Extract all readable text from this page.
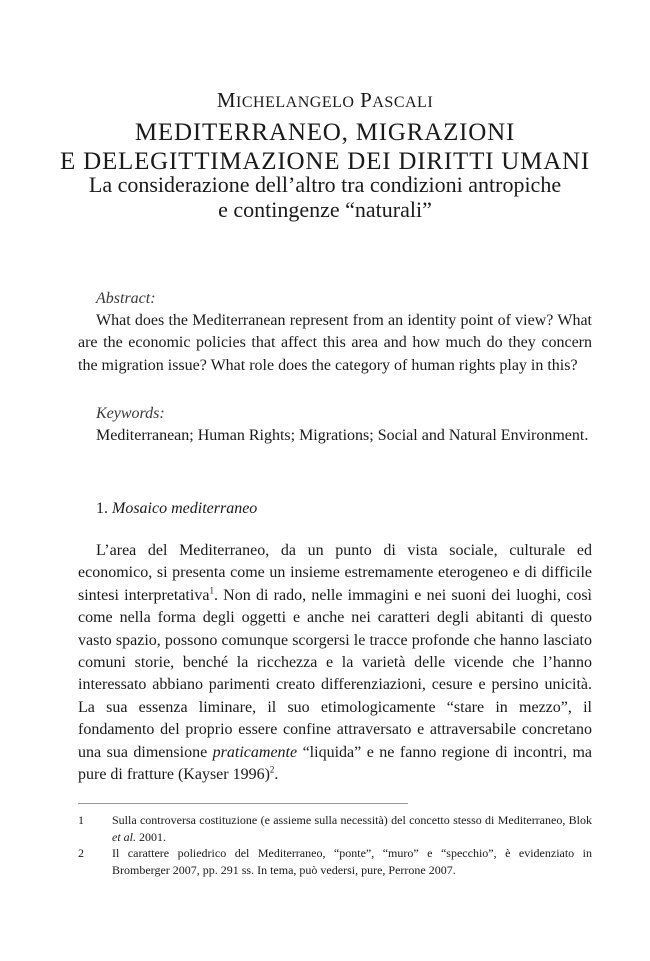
MICHELANGELO PASCALI
MEDITERRANEO, MIGRAZIONI
E DELEGITTIMAZIONE DEI DIRITTI UMANI
La considerazione dell’altro tra condizioni antropiche
e contingenze “naturali”
Abstract:
What does the Mediterranean represent from an identity point of view? What are the economic policies that affect this area and how much do they concern the migration issue? What role does the category of human rights play in this?
Keywords:
Mediterranean; Human Rights; Migrations; Social and Natural Environment.
1. Mosaico mediterraneo
L’area del Mediterraneo, da un punto di vista sociale, culturale ed economico, si presenta come un insieme estremamente eterogeneo e di difficile sintesi interpretativa$^1$. Non di rado, nelle immagini e nei suoni dei luoghi, così come nella forma degli oggetti e anche nei caratteri degli abitanti di questo vasto spazio, possono comunque scorgersi le tracce profonde che hanno lasciato comuni storie, benché la ricchezza e la varietà delle vicende che l’hanno interessato abbiano parimenti creato differenziazioni, cesure e persino unicità. La sua essenza liminare, il suo etimologicamente “stare in mezzo”, il fondamento del proprio essere confine attraversato e attraversabile concretano una sua dimensione praticamente “liquida” e ne fanno regione di incontri, ma pure di fratture (Kayser 1996)$^2$.

1 Sulla controversa costituzione (e assieme sulla necessità) del concetto stesso di Mediterraneo, Blok et al. 2001.

2 Il carattere poliedrico del Mediterraneo, “ponte”, “muro” e “specchio”, è evidenziato in Bromberger 2007, pp. 291 ss. In tema, può vedersi, pure, Perrone 2007.
